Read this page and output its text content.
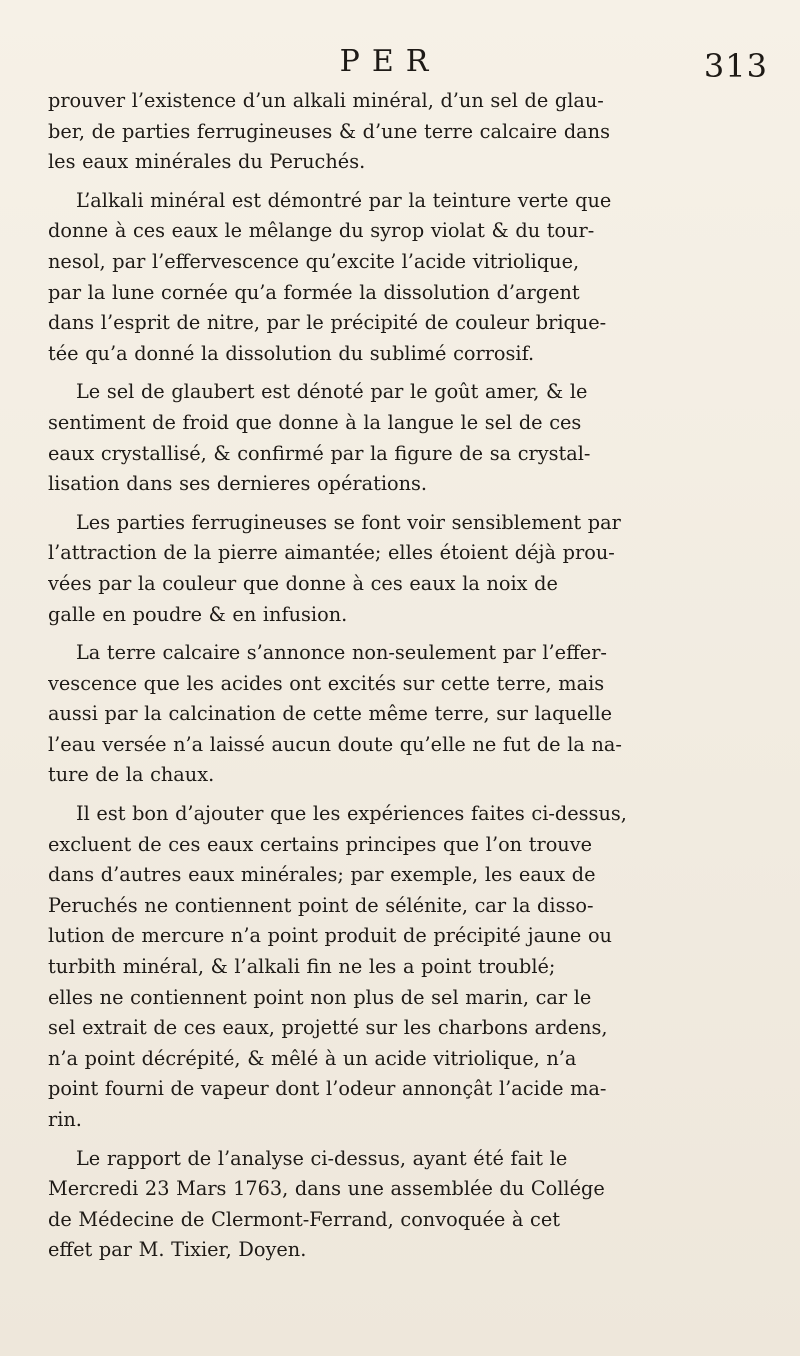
PER	313
prouver l’existence d’un alkali minéral, d’un sel de glau-
ber, de parties ferrugineuses & d’une terre calcaire dans
les eaux minérales du Peruchés.
L’alkali minéral est démontré par la teinture verte que
donne à ces eaux le mêlange du syrop violat & du tour-
nesol, par l’effervescence qu’excite l’acide vitriolique,
par la lune cornée qu’a formée la dissolution d’argent
dans l’esprit de nitre, par le précipité de couleur brique-
tée qu’a donné la dissolution du sublimé corrosif.
Le sel de glaubert est dénoté par le goût amer, & le
sentiment de froid que donne à la langue le sel de ces
eaux crystallisé, & confirmé par la figure de sa crystal-
lisation dans ses dernieres opérations.
Les parties ferrugineuses se font voir sensiblement par
l’attraction de la pierre aimantée; elles étoient déjà prou-
vées par la couleur que donne à ces eaux la noix de
galle en poudre & en infusion.
La terre calcaire s’annonce non-seulement par l’effer-
vescence que les acides ont excités sur cette terre, mais
aussi par la calcination de cette même terre, sur laquelle
l’eau versée n’a laissé aucun doute qu’elle ne fut de la na-
ture de la chaux.
Il est bon d’ajouter que les expériences faites ci-dessus,
excluent de ces eaux certains principes que l’on trouve
dans d’autres eaux minérales; par exemple, les eaux de
Peruchés ne contiennent point de sélénite, car la disso-
lution de mercure n’a point produit de précipité jaune ou
turbith minéral, & l’alkali fin ne les a point troublé;
elles ne contiennent point non plus de sel marin, car le
sel extrait de ces eaux, projetté sur les charbons ardens,
n’a point décrépité, & mêlé à un acide vitriolique, n’a
point fourni de vapeur dont l’odeur annonçât l’acide ma-
rin.
Le rapport de l’analyse ci-dessus, ayant été fait le
Mercredi 23 Mars 1763, dans une assemblée du Collége
de Médecine de Clermont-Ferrand, convoquée à cet
effet par M. Tixier, Doyen.
